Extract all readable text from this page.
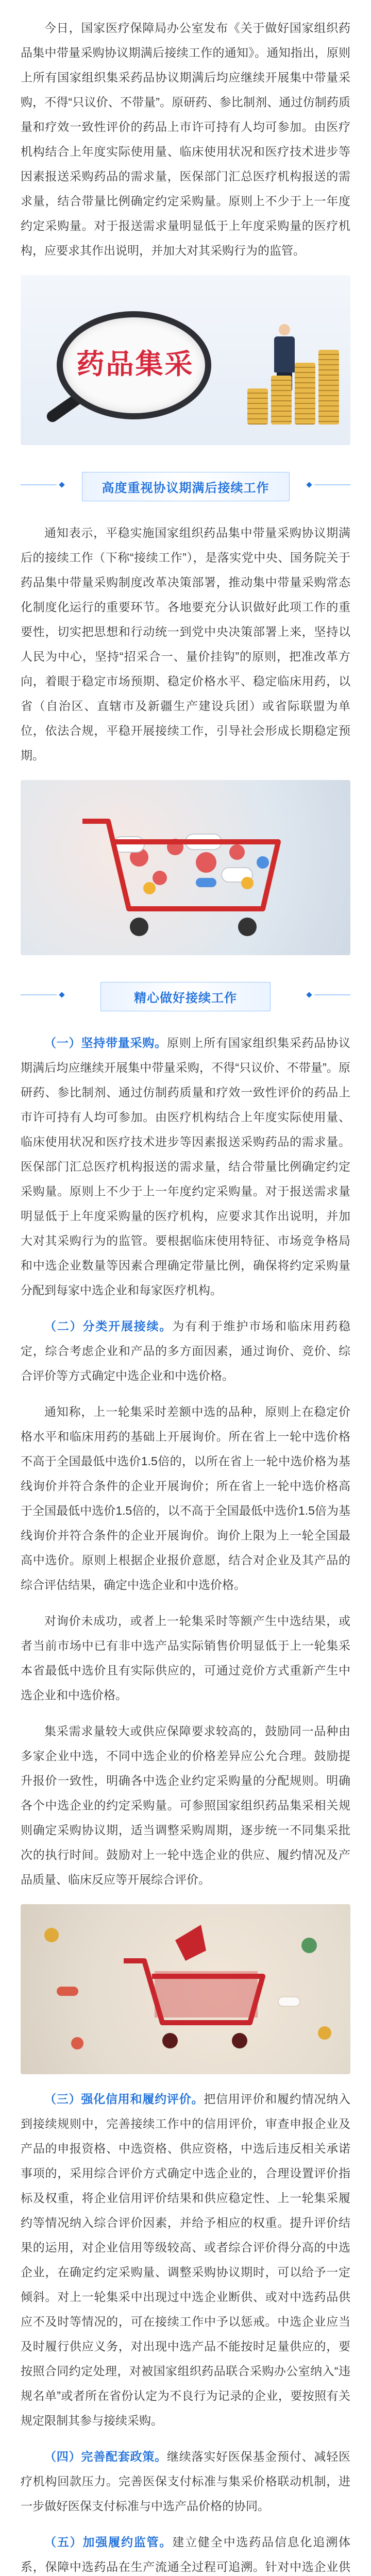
今日，国家医疗保障局办公室发布《关于做好国家组织药品集中带量采购协议期满后接续工作的通知》。通知指出，原则上所有国家组织集采药品协议期满后均应继续开展集中带量采购，不得“只议价、不带量”。原研药、参比制剂、通过仿制药质量和疗效一致性评价的药品上市许可持有人均可参加。由医疗机构结合上年度实际使用量、临床使用状况和医疗技术进步等因素报送采购药品的需求量，医保部门汇总医疗机构报送的需求量，结合带量比例确定约定采购量。原则上不少于上一年度约定采购量。对于报送需求量明显低于上年度采购量的医疗机构，应要求其作出说明，并加大对其采购行为的监管。

药品集采
高度重视协议期满后接续工作

通知表示，平稳实施国家组织药品集中带量采购协议期满后的接续工作（下称“接续工作”），是落实党中央、国务院关于药品集中带量采购制度改革决策部署，推动集中带量采购常态化制度化运行的重要环节。各地要充分认识做好此项工作的重要性，切实把思想和行动统一到党中央决策部署上来，坚持以人民为中心，坚持“招采合一、量价挂钩”的原则，把准改革方向，着眼于稳定市场预期、稳定价格水平、稳定临床用药，以省（自治区、直辖市及新疆生产建设兵团）或省际联盟为单位，依法合规，平稳开展接续工作，引导社会形成长期稳定预期。

精心做好接续工作

（一）坚持带量采购。原则上所有国家组织集采药品协议期满后均应继续开展集中带量采购，不得“只议价、不带量”。原研药、参比制剂、通过仿制药质量和疗效一致性评价的药品上市许可持有人均可参加。由医疗机构结合上年度实际使用量、临床使用状况和医疗技术进步等因素报送采购药品的需求量。医保部门汇总医疗机构报送的需求量，结合带量比例确定约定采购量。原则上不少于上一年度约定采购量。对于报送需求量明显低于上年度采购量的医疗机构，应要求其作出说明，并加大对其采购行为的监管。要根据临床使用特征、市场竞争格局和中选企业数量等因素合理确定带量比例，确保将约定采购量分配到每家中选企业和每家医疗机构。

（二）分类开展接续。为有利于维护市场和临床用药稳定，综合考虑企业和产品的多方面因素，通过询价、竞价、综合评价等方式确定中选企业和中选价格。

通知称，上一轮集采时差额中选的品种，原则上在稳定价格水平和临床用药的基础上开展询价。所在省上一轮中选价格不高于全国最低中选价1.5倍的，以所在省上一轮中选价格为基线询价并符合条件的企业开展询价；所在省上一轮中选价格高于全国最低中选价1.5倍的，以不高于全国最低中选价1.5倍为基线询价并符合条件的企业开展询价。询价上限为上一轮全国最高中选价。原则上根据企业报价意愿，结合对企业及其产品的综合评估结果，确定中选企业和中选价格。

对询价未成功，或者上一轮集采时等额产生中选结果，或者当前市场中已有非中选产品实际销售价明显低于上一轮集采本省最低中选价且有实际供应的，可通过竞价方式重新产生中选企业和中选价格。

集采需求量较大或供应保障要求较高的，鼓励同一品种由多家企业中选，不同中选企业的价格差异应公允合理。鼓励提升报价一致性，明确各中选企业约定采购量的分配规则。明确各个中选企业的约定采购量。可参照国家组织药品集采相关规则确定采购协议期，适当调整采购周期，逐步统一不同集采批次的执行时间。鼓励对上一轮中选企业的供应、履约情况及产品质量、临床反应等开展综合评价。

（三）强化信用和履约评价。把信用评价和履约情况纳入到接续规则中，完善接续工作中的信用评价，审查申报企业及产品的申报资格、中选资格、供应资格，中选后违反相关承诺事项的，采用综合评价方式确定中选企业的，合理设置评价指标及权重，将企业信用评价结果和供应稳定性、上一轮集采履约等情况纳入综合评价因素，并给予相应的权重。提升评价结果的运用，对企业信用等级较高、或者综合评价得分高的中选企业，在确定约定采购量、调整采购协议期时，可以给予一定倾斜。对上一轮集采中出现过中选企业断供、或对中选药品供应不及时等情况的，可在接续工作中予以惩戒。中选企业应当及时履行供应义务，对出现中选产品不能按时足量供应的，要按照合同约定处理，对被国家组织药品联合采购办公室纳入“违规名单”或者所在省份认定为不良行为记录的企业，要按照有关规定限制其参与接续采购。

（四）完善配套政策。继续落实好医保基金预付、减轻医疗机构回款压力。完善医保支付标准与集采价格联动机制，进一步做好医保支付标准与中选产品价格的协同。

（五）加强履约监管。建立健全中选药品信息化追溯体系，保障中选药品在生产流通全过程可追溯。针对中选企业供
